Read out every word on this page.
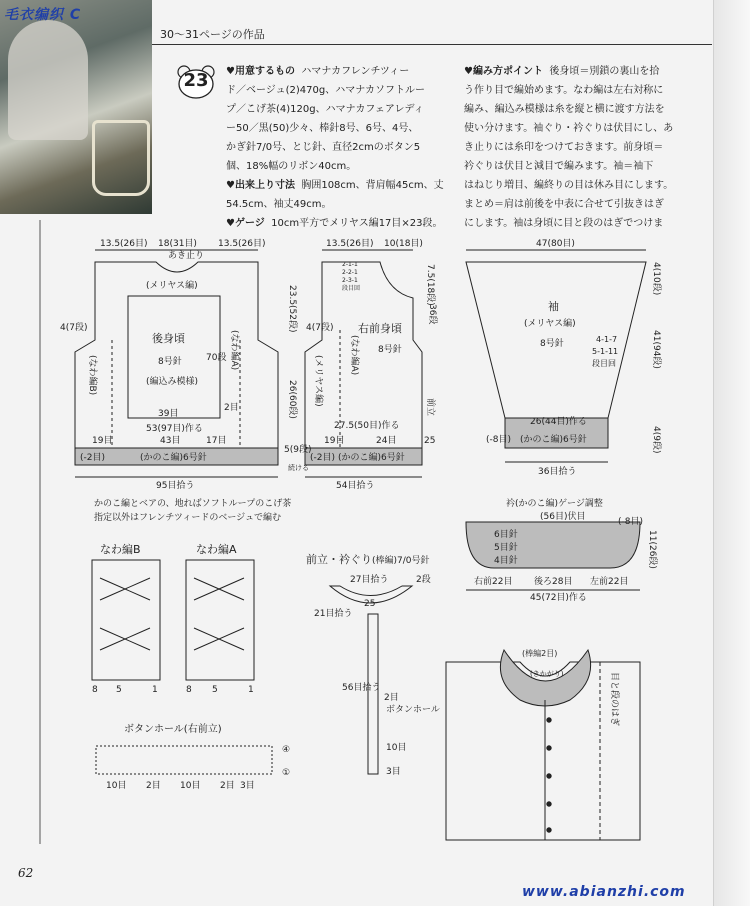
毛衣编织 C
30〜31ページの作品
23	♥用意するもの ハマナカフレンチツィー
ド／ベージュ(2)470g、ハマナカソフトルー
プ／こげ茶(4)120g、ハマナカフェアレディ
ー50／黒(50)少々、棒針8号、6号、4号、
かぎ針7/0号、とじ針、直径2cmのボタン5
個、18%幅のリボン40cm。
♥出来上り寸法 胸囲108cm、背肩幅45cm、丈
54.5cm、袖丈49cm。
♥ゲージ 10cm平方でメリヤス編17目×23段。
♥編み方ポイント 後身頃＝別鎖の裏山を拾
う作り目で編始めます。なわ編は左右対称に
編み、編込み模様は糸を縦と横に渡す方法を
使い分けます。袖ぐり・衿ぐりは伏目にし、あ
き止りには糸印をつけておきます。前身頃＝
衿ぐりは伏目と減目で編みます。袖＝袖下
はねじり増目、編終りの目は休み目にします。
まとめ＝肩は前後を中表に合せて引抜きはぎ
にします。袖は身頃に目と段のはぎでつけま
13.5(26目) 18(31目) 13.5(26目)
あき止り
(メリヤス編)
後身頃
8号針
(編込み模様)
39目
53(97目)作る
43目
19目	17目
(-2目)	(かのこ編)6号針
95目拾う
4(7段)
70段
2目
5(9段)
23.5(52段)
26(60段)
(なわ編B)
(なわ編A)
13.5(26目) 10(18目)
2-1-1
2-2-1
2-3-1
段目回
右前身頃
8号針
27.5(50目)作る
19目	24目
(-2目) (かのこ編)6号針
25
54目拾う
続ける
4(7段)
7.5(18段)
36段
前立
(メリヤス編)	(なわ編A)
47(80目)
袖
(メリヤス編)
8号針	4-1-7
5-1-11
段目回
26(44目)作る
(-8目) (かのこ編)6号針
36目拾う
4(10段)
41(94段)
4(9段)
かのこ編とベアの、地ればソフトループのこげ茶
指定以外はフレンチツィードのベージュで編む
なわ編B	なわ編A
8 5	1	8 5	1
前立・衿ぐり (棒編)7/0号針
27目拾う	2段
21目拾う
25
56目拾う
2目
ボタンホール
10目
3目
衿(かのこ編)ゲージ調整
(56目)伏目
6目針
5目針
4目針
(-8目)
右前22目 後ろ28目 左前22目
45(72目)作る
11(26段)
ボタンホール(右前立)
④
①
10目 2目 10目 2目 3目
(棒編2目)
(きかがり)	目と段のはぎ
62
www.abianzhi.com
